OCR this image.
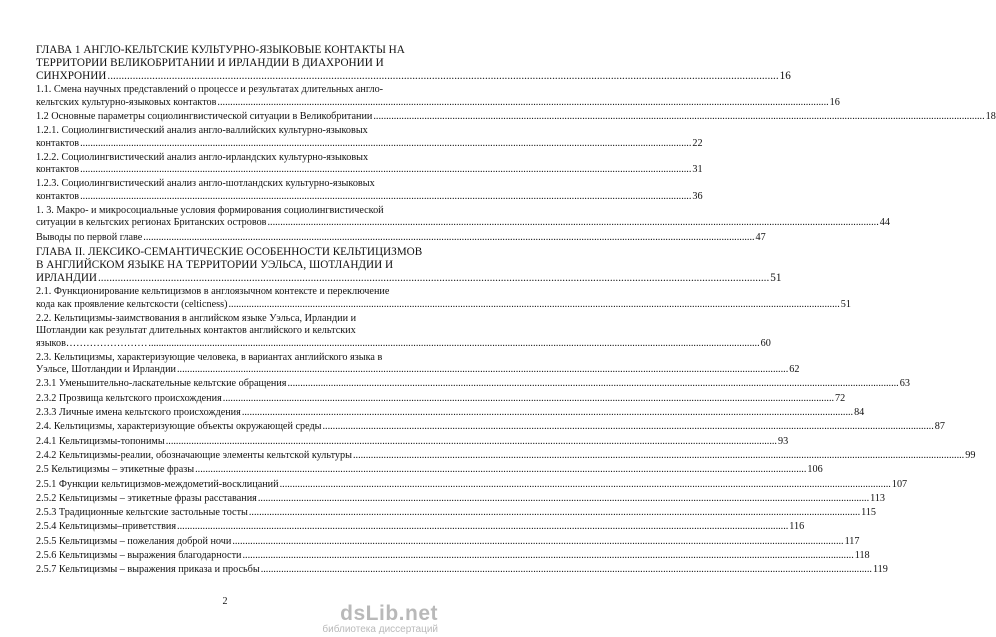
ГЛАВА 1 АНГЛО-КЕЛЬТСКИЕ КУЛЬТУРНО-ЯЗЫКОВЫЕ КОНТАКТЫ НА
ТЕРРИТОРИИ ВЕЛИКОБРИТАНИИ И ИРЛАНДИИ В ДИАХРОНИИ И
СИНХРОНИИ .....	16
1.1. Смена научных представлений о процессе и результатах длительных англо-
кельтских культурно-языковых контактов .....	16
1.2 Основные параметры социолингвистической ситуации в Великобритании .....	18
1.2.1. Социолингвистический анализ англо-валлийских культурно-языковых
контактов .....	22
1.2.2. Социолингвистический анализ англо-ирландских культурно-языковых
контактов .....	31
1.2.3. Социолингвистический анализ англо-шотландских культурно-языковых
контактов .....	36
1. 3. Макро- и микросоциальные условия формирования социолингвистической
ситуации в кельтских регионах Британских островов .....	44
Выводы по первой главе .....	47
ГЛАВА II. ЛЕКСИКО-СЕМАНТИЧЕСКИЕ ОСОБЕННОСТИ КЕЛЬТИЦИЗМОВ
В АНГЛИЙСКОМ ЯЗЫКЕ НА ТЕРРИТОРИИ УЭЛЬСА, ШОТЛАНДИИ И
ИРЛАНДИИ .....	51
2.1. Функционирование кельтицизмов в англоязычном контексте и переключение
кода как проявление кельтскости (celticness) .....	51
2.2. Кельтицизмы-заимствования в английском языке Уэльса, Ирландии и
Шотландии как результат длительных контактов английского и кельтских
языков…………………… .....	60
2.3. Кельтицизмы, характеризующие человека, в вариантах английского языка в
Уэльсе, Шотландии и Ирландии .....	62
2.3.1 Уменьшительно-ласкательные кельтские обращения .....	63
2.3.2 Прозвища кельтского происхождения .....	72
2.3.3 Личные имена кельтского происхождения .....	84
2.4. Кельтицизмы, характеризующие объекты окружающей среды .....	87
2.4.1 Кельтицизмы-топонимы .....	93
2.4.2 Кельтицизмы-реалии, обозначающие элементы кельтской культуры .....	99
2.5 Кельтицизмы – этикетные фразы .....	106
2.5.1 Функции кельтицизмов-междометий-восклицаний .....	107
2.5.2 Кельтицизмы – этикетные фразы расставания .....	113
2.5.3 Традиционные кельтские застольные тосты .....	115
2.5.4 Кельтицизмы–приветствия .....	116
2.5.5 Кельтицизмы – пожелания доброй ночи .....	117
2.5.6 Кельтицизмы – выражения благодарности .....	118
2.5.7 Кельтицизмы – выражения приказа и просьбы .....	119
2
dsLib.net
библиотека диссертаций
